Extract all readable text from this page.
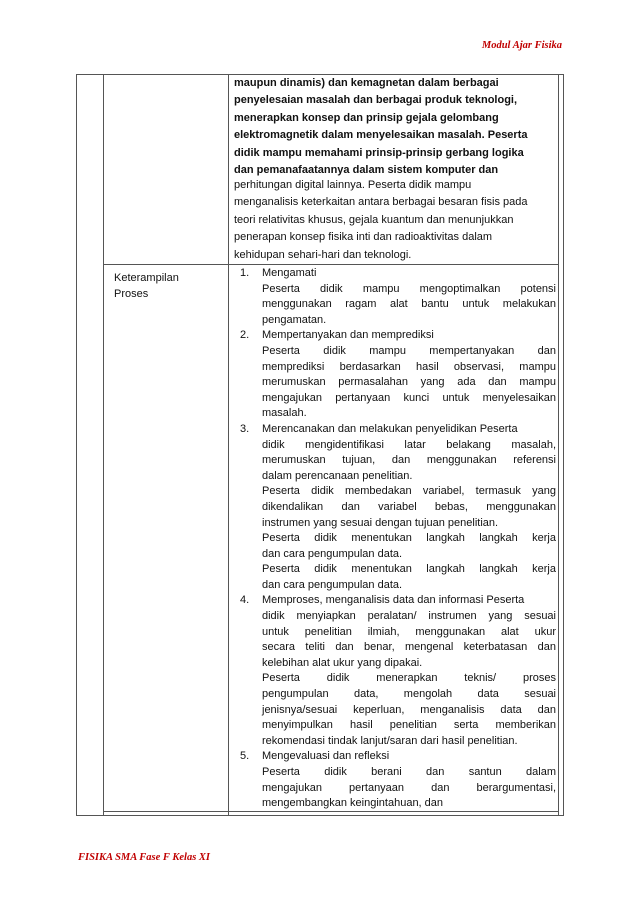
Modul Ajar Fisika
maupun dinamis) dan kemagnetan dalam berbagai
penyelesaian masalah dan berbagai produk teknologi,
menerapkan konsep dan prinsip gejala gelombang
elektromagnetik dalam menyelesaikan masalah. Peserta
didik mampu memahami prinsip-prinsip gerbang logika
dan pemanafaatannya dalam sistem komputer dan
perhitungan digital lainnya. Peserta didik mampu
menganalisis keterkaitan antara berbagai besaran fisis pada
teori relativitas khusus, gejala kuantum dan menunjukkan
penerapan konsep fisika inti dan radioaktivitas dalam
kehidupan sehari-hari dan teknologi.
Keterampilan
Proses
1. Mengamati
Peserta didik mampu mengoptimalkan potensi
menggunakan ragam alat bantu untuk melakukan
pengamatan.
2. Mempertanyakan dan memprediksi
Peserta didik mampu mempertanyakan dan
memprediksi berdasarkan hasil observasi, mampu
merumuskan permasalahan yang ada dan mampu
mengajukan pertanyaan kunci untuk menyelesaikan
masalah.
3. Merencanakan dan melakukan penyelidikan Peserta
didik mengidentifikasi latar belakang masalah,
merumuskan tujuan, dan menggunakan referensi
dalam perencanaan penelitian.
Peserta didik membedakan variabel, termasuk yang
dikendalikan dan variabel bebas, menggunakan
instrumen yang sesuai dengan tujuan penelitian.
Peserta didik menentukan langkah langkah kerja
dan cara pengumpulan data.
Peserta didik menentukan langkah langkah kerja
dan cara pengumpulan data.
4. Memproses, menganalisis data dan informasi Peserta
didik menyiapkan peralatan/ instrumen yang sesuai
untuk penelitian ilmiah, menggunakan alat ukur
secara teliti dan benar, mengenal keterbatasan dan
kelebihan alat ukur yang dipakai.
Peserta didik menerapkan teknis/ proses
pengumpulan data, mengolah data sesuai
jenisnya/sesuai keperluan, menganalisis data dan
menyimpulkan hasil penelitian serta memberikan
rekomendasi tindak lanjut/saran dari hasil penelitian.
5. Mengevaluasi dan refleksi
Peserta didik berani dan santun dalam
mengajukan pertanyaan dan berargumentasi,
mengembangkan keingintahuan, dan
FISIKA SMA Fase F Kelas XI
